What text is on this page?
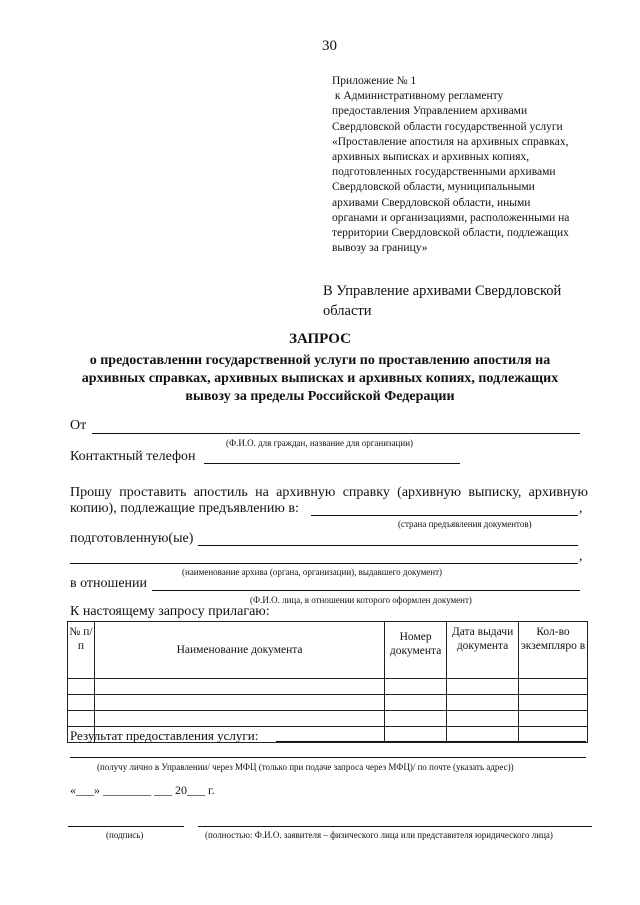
30
Приложение № 1
к Административному регламенту
предоставления Управлением архивами
Свердловской области государственной услуги
«Проставление апостиля на архивных справках,
архивных выписках и архивных копиях,
подготовленных государственными архивами
Свердловской области, муниципальными
архивами Свердловской области, иными
органами и организациями, расположенными на
территории Свердловской области, подлежащих
вывозу за границу»
В Управление архивами Свердловской
области
ЗАПРОС
о предоставлении государственной услуги по проставлению апостиля на
архивных справках, архивных выписках и архивных копиях, подлежащих
вывозу за пределы Российской Федерации
От
(Ф.И.О. для граждан, название для организации)
Контактный телефон
Прошу проставить апостиль на архивную справку (архивную выписку, архивную
копию), подлежащие предъявлению в:	,
(страна предъявления документов)
подготовленную(ые)
,
(наименование архива (органа, организации), выдавшего документ)
в отношении
(Ф.И.О. лица, в отношении которого оформлен документ)
К настоящему запросу прилагаю:
№ п/п	Наименование документа	Номер документа	Дата выдачи документа	Кол-во экземпляро в

Результат предоставления услуги:
(получу лично в Управлении/ через МФЦ (только при подаче запроса через МФЦ)/ по почте (указать адрес))
«___» ________ ___ 20___ г.
(подпись)	(полностью: Ф.И.О. заявителя – физического лица или представителя юридического лица)
